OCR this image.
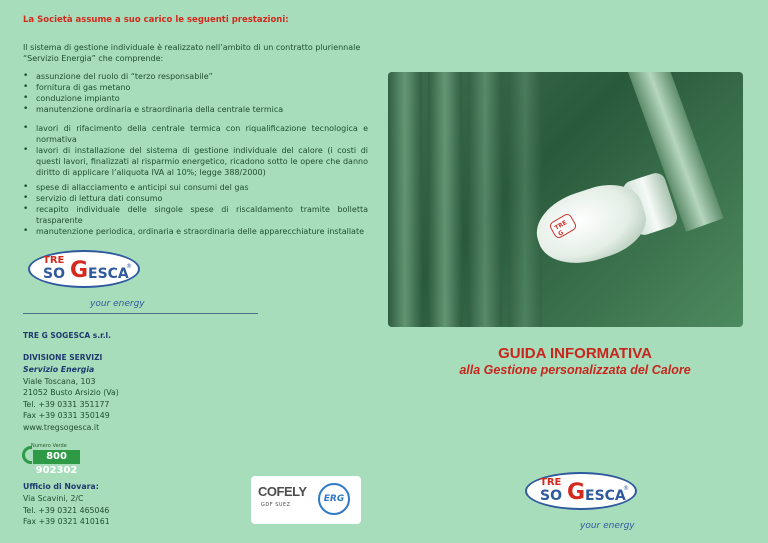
La Società assume a suo carico le seguenti prestazioni:
Il sistema di gestione individuale è realizzato nell’ambito di un contratto pluriennale
“Servizio Energia” che comprende:
• assunzione del ruolo di “terzo responsabile”
• fornitura di gas metano
• conduzione impianto
• manutenzione ordinaria e straordinaria della centrale termica
• lavori di rifacimento della centrale termica con riqualificazione tecnologica e normativa
• lavori di installazione del sistema di gestione individuale del calore (i costi di questi lavori, finalizzati al risparmio energetico, ricadono sotto le opere che danno diritto di applicare l’aliquota IVA al 10%; legge 388/2000)
• spese di allacciamento e anticipi sui consumi del gas
• servizio di lettura dati consumo
• recapito individuale delle singole spese di riscaldamento tramite bolletta trasparente
• manutenzione periodica, ordinaria e straordinaria delle apparecchiature installate
TRE
SO G ESCA
®
your energy
TRE G SOGESCA s.r.l.
DIVISIONE SERVIZI
Servizio Energia
Viale Toscana, 103
21052 Busto Arsizio (Va)
Tel. +39 0331 351177
Fax +39 0331 350149
www.tregsogesca.it
Numero Verde
800 902302
Ufficio di Novara:
Via Scavini, 2/C
Tel. +39 0321 465046
Fax +39 0321 410161
COFELY
GDF SUEZ
ERG
TRE G
GUIDA INFORMATIVA
alla Gestione personalizzata del Calore
TRE
SO G ESCA
®
your energy
